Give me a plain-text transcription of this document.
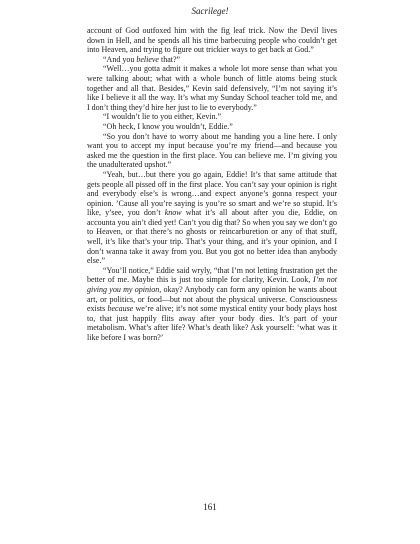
Sacrilege!

account of God outfoxed him with the fig leaf trick. Now the Devil lives down in Hell, and he spends all his time barbecuing people who couldn’t get into Heaven, and trying to figure out trickier ways to get back at God.”

“And you believe that?”

“Well…you gotta admit it makes a whole lot more sense than what you were talking about; what with a whole bunch of little atoms being stuck together and all that. Besides,” Kevin said defensively, “I’m not saying it’s like I believe it all the way. It’s what my Sunday School teacher told me, and I don’t thing they’d hire her just to lie to everybody.”

“I wouldn’t lie to you either, Kevin.”

“Oh heck, I know you wouldn’t, Eddie.”

“So you don’t have to worry about me handing you a line here. I only want you to accept my input because you’re my friend—and because you asked me the question in the first place. You can believe me. I’m giving you the unadulterated upshot.”

“Yeah, but…but there you go again, Eddie! It’s that same attitude that gets people all pissed off in the first place. You can’t say your opinion is right and everybody else’s is wrong…and expect anyone’s gonna respect your opinion. ’Cause all you’re saying is you’re so smart and we’re so stupid. It’s like, y’see, you don’t know what it’s all about after you die, Eddie, on accounta you ain’t died yet! Can’t you dig that? So when you say we don’t go to Heaven, or that there’s no ghosts or reincarburetion or any of that stuff, well, it’s like that’s your trip. That’s your thing, and it’s your opinion, and I don’t wanna take it away from you. But you got no better idea than anybody else.”

“You’ll notice,” Eddie said wryly, “that I’m not letting frustration get the better of me. Maybe this is just too simple for clarity, Kevin. Look, I’m not giving you my opinion, okay? Anybody can form any opinion he wants about art, or politics, or food—but not about the physical universe. Consciousness exists because we’re alive; it’s not some mystical entity your body plays host to, that just happily flits away after your body dies. It’s part of your metabolism. What’s after life? What’s death like? Ask yourself: ‘what was it like before I was born?’

161
